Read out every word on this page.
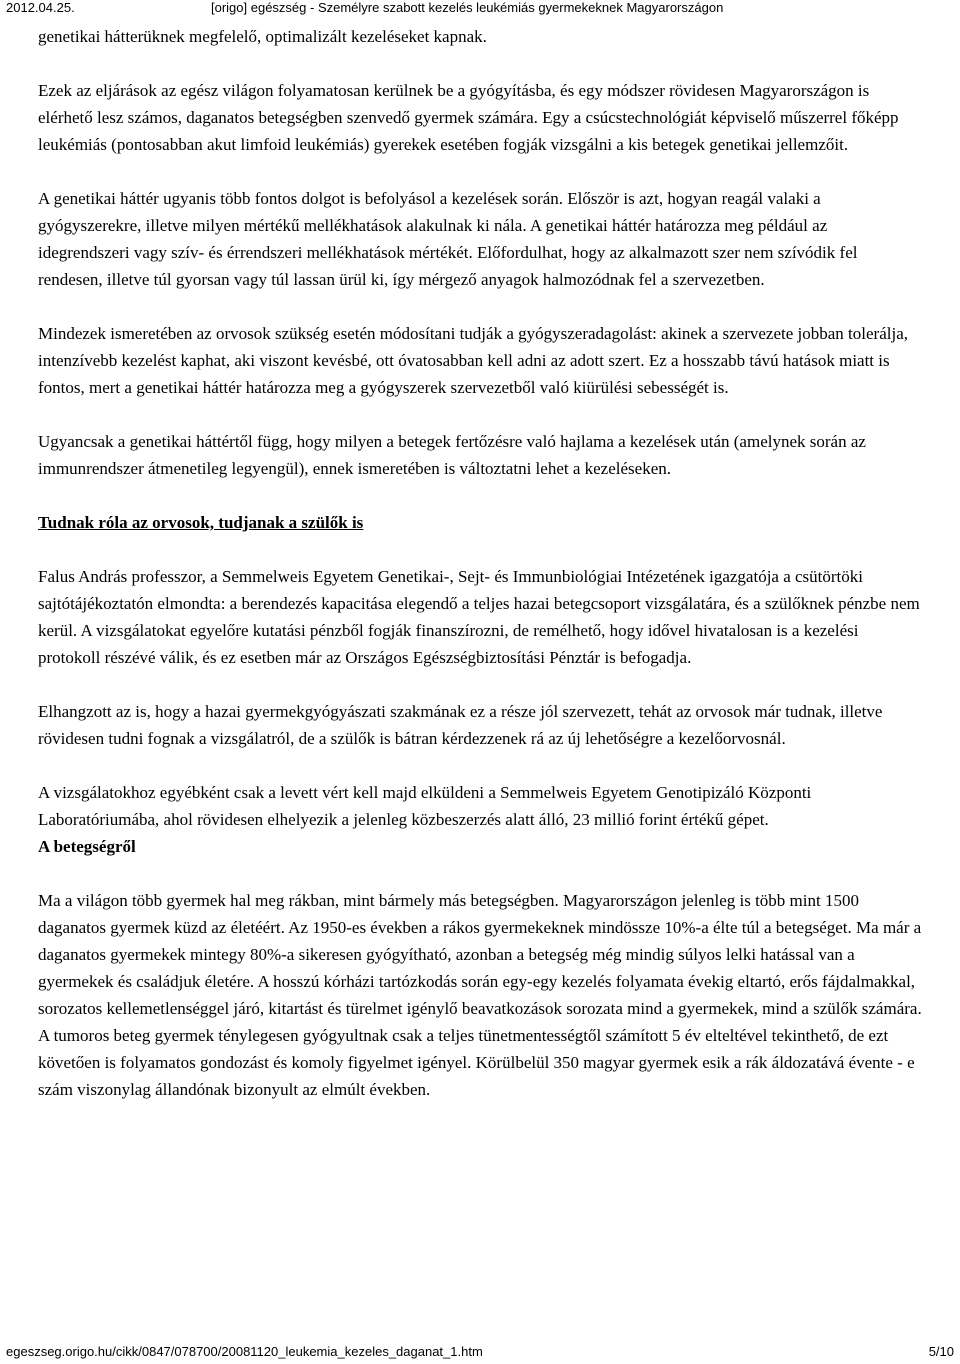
2012.04.25.	[origo] egészség - Személyre szabott kezelés leukémiás gyermekeknek Magyarországon

genetikai hátterüknek megfelelő, optimalizált kezeléseket kapnak.

Ezek az eljárások az egész világon folyamatosan kerülnek be a gyógyításba, és egy módszer rövidesen Magyarországon is elérhető lesz számos, daganatos betegségben szenvedő gyermek számára. Egy a csúcstechnológiát képviselő műszerrel főképp leukémiás (pontosabban akut limfoid leukémiás) gyerekek esetében fogják vizsgálni a kis betegek genetikai jellemzőit.

A genetikai háttér ugyanis több fontos dolgot is befolyásol a kezelések során. Először is azt, hogyan reagál valaki a gyógyszerekre, illetve milyen mértékű mellékhatások alakulnak ki nála. A genetikai háttér határozza meg például az idegrendszeri vagy szív- és érrendszeri mellékhatások mértékét. Előfordulhat, hogy az alkalmazott szer nem szívódik fel rendesen, illetve túl gyorsan vagy túl lassan ürül ki, így mérgező anyagok halmozódnak fel a szervezetben.

Mindezek ismeretében az orvosok szükség esetén módosítani tudják a gyógyszeradagolást: akinek a szervezete jobban tolerálja, intenzívebb kezelést kaphat, aki viszont kevésbé, ott óvatosabban kell adni az adott szert. Ez a hosszabb távú hatások miatt is fontos, mert a genetikai háttér határozza meg a gyógyszerek szervezetből való kiürülési sebességét is.

Ugyancsak a genetikai háttértől függ, hogy milyen a betegek fertőzésre való hajlama a kezelések után (amelynek során az immunrendszer átmenetileg legyengül), ennek ismeretében is változtatni lehet a kezeléseken.

Tudnak róla az orvosok, tudjanak a szülők is

Falus András professzor, a Semmelweis Egyetem Genetikai-, Sejt- és Immunbiológiai Intézetének igazgatója a csütörtöki sajtótájékoztatón elmondta: a berendezés kapacitása elegendő a teljes hazai betegcsoport vizsgálatára, és a szülőknek pénzbe nem kerül. A vizsgálatokat egyelőre kutatási pénzből fogják finanszírozni, de remélhető, hogy idővel hivatalosan is a kezelési protokoll részévé válik, és ez esetben már az Országos Egészségbiztosítási Pénztár is befogadja.

Elhangzott az is, hogy a hazai gyermekgyógyászati szakmának ez a része jól szervezett, tehát az orvosok már tudnak, illetve rövidesen tudni fognak a vizsgálatról, de a szülők is bátran kérdezzenek rá az új lehetőségre a kezelőorvosnál.

A vizsgálatokhoz egyébként csak a levett vért kell majd elküldeni a Semmelweis Egyetem Genotipizáló Központi Laboratóriumába, ahol rövidesen elhelyezik a jelenleg közbeszerzés alatt álló, 23 millió forint értékű gépet.

A betegségről

Ma a világon több gyermek hal meg rákban, mint bármely más betegségben. Magyarországon jelenleg is több mint 1500 daganatos gyermek küzd az életéért. Az 1950-es években a rákos gyermekeknek mindössze 10%-a élte túl a betegséget. Ma már a daganatos gyermekek mintegy 80%-a sikeresen gyógyítható, azonban a betegség még mindig súlyos lelki hatással van a gyermekek és családjuk életére. A hosszú kórházi tartózkodás során egy-egy kezelés folyamata évekig eltartó, erős fájdalmakkal, sorozatos kellemetlenséggel járó, kitartást és türelmet igénylő beavatkozások sorozata mind a gyermekek, mind a szülők számára. A tumoros beteg gyermek ténylegesen gyógyultnak csak a teljes tünetmentességtől számított 5 év elteltével tekinthető, de ezt követően is folyamatos gondozást és komoly figyelmet igényel. Körülbelül 350 magyar gyermek esik a rák áldozatává évente - e szám viszonylag állandónak bizonyult az elmúlt években.

egeszseg.origo.hu/cikk/0847/078700/20081120_leukemia_kezeles_daganat_1.htm	5/10
